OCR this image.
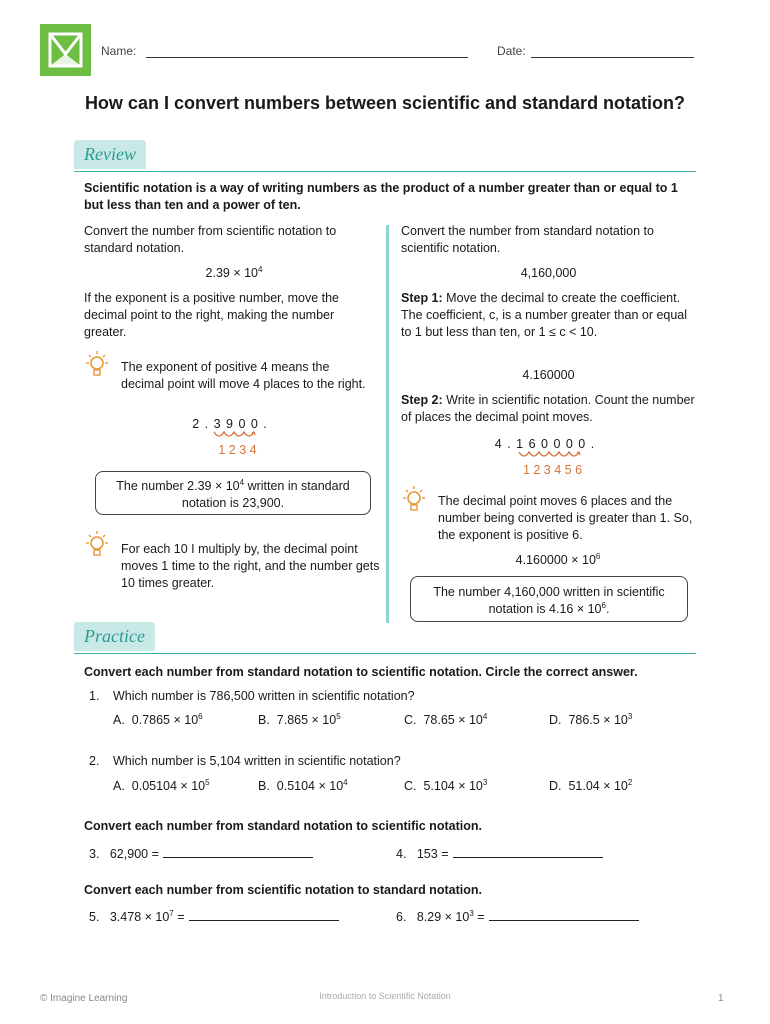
Name:	Date:
How can I convert numbers between scientific and standard notation?
Review
Scientific notation is a way of writing numbers as the product of a number greater than or equal to 1 but less than ten and a power of ten.
Convert the number from scientific notation to standard notation.
$2.39 \times 10^4$
If the exponent is a positive number, move the decimal point to the right, making the number greater.
The exponent of positive 4 means the decimal point will move 4 places to the right.
2 . 3 9 0 0 .
1 2 3 4
The number $2.39 \times 10^4$ written in standard notation is 23,900.
For each 10 I multiply by, the decimal point moves 1 time to the right, and the number gets 10 times greater.
Convert the number from standard notation to scientific notation.
4,160,000
Step 1: Move the decimal to create the coefficient. The coefficient, c, is a number greater than or equal to 1 but less than ten, or 1 ≤ c < 10.
4.160000
Step 2: Write in scientific notation. Count the number of places the decimal point moves.
4 . 1 6 0 0 0 0 .
1 2 3 4 5 6
The decimal point moves 6 places and the number being converted is greater than 1. So, the exponent is positive 6.
$4.160000 \times 10^6$
The number 4,160,000 written in scientific notation is $4.16 \times 10^6$.
Practice
Convert each number from standard notation to scientific notation. Circle the correct answer.
1. Which number is 786,500 written in scientific notation?
A. $0.7865 \times 10^6$	B. $7.865 \times 10^5$	C. $78.65 \times 10^4$	D. $786.5 \times 10^3$
2. Which number is 5,104 written in scientific notation?
A. $0.05104 \times 10^5$	B. $0.5104 \times 10^4$	C. $5.104 \times 10^3$	D. $51.04 \times 10^2$
Convert each number from standard notation to scientific notation.
3. 62,900 =	4. 153 =
Convert each number from scientific notation to standard notation.
5. $3.478 \times 10^7$ =	6. $8.29 \times 10^3$ =
© Imagine Learning	Introduction to Scientific Notation	1
